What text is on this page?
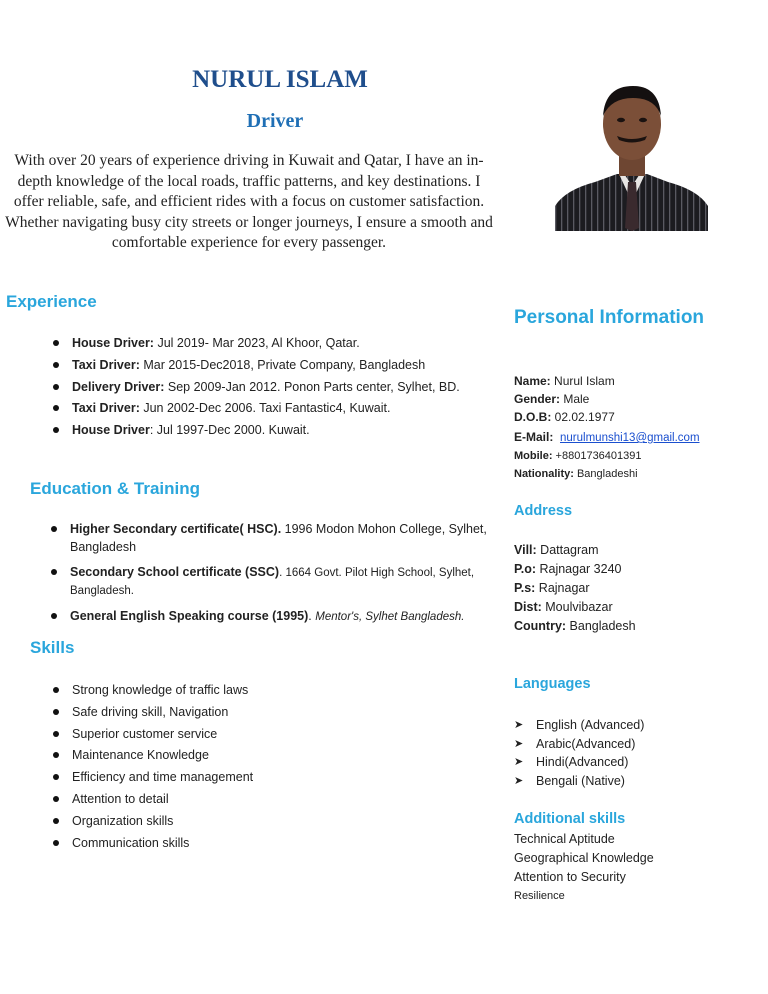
NURUL ISLAM
Driver
With over 20 years of experience driving in Kuwait and Qatar, I have an in-depth knowledge of the local roads, traffic patterns, and key destinations. I offer reliable, safe, and efficient rides with a focus on customer satisfaction. Whether navigating busy city streets or longer journeys, I ensure a smooth and comfortable experience for every passenger.
Experience
House Driver: Jul 2019- Mar 2023, Al Khoor, Qatar.
Taxi Driver: Mar 2015-Dec2018, Private Company, Bangladesh
Delivery Driver: Sep 2009-Jan 2012. Ponon Parts center, Sylhet, BD.
Taxi Driver: Jun 2002-Dec 2006. Taxi Fantastic4, Kuwait.
House Driver: Jul 1997-Dec 2000. Kuwait.
Education & Training
Higher Secondary certificate( HSC). 1996 Modon Mohon College, Sylhet, Bangladesh
Secondary School certificate (SSC). 1664 Govt. Pilot High School, Sylhet, Bangladesh.
General English Speaking course (1995). Mentor's, Sylhet Bangladesh.
Skills
Strong knowledge of traffic laws
Safe driving skill, Navigation
Superior customer service
Maintenance Knowledge
Efficiency and time management
Attention to detail
Organization skills
Communication skills
Personal Information
Name: Nurul Islam
Gender: Male
D.O.B: 02.02.1977
E-Mail: nurulmunshi13@gmail.com
Mobile: +8801736401391
Nationality: Bangladeshi
Address
Vill: Dattagram
P.o: Rajnagar 3240
P.s: Rajnagar
Dist: Moulvibazar
Country: Bangladesh
Languages
➤ English (Advanced)
➤ Arabic(Advanced)
➤ Hindi(Advanced)
➤ Bengali (Native)
Additional skills
Technical Aptitude
Geographical Knowledge
Attention to Security
Resilience
